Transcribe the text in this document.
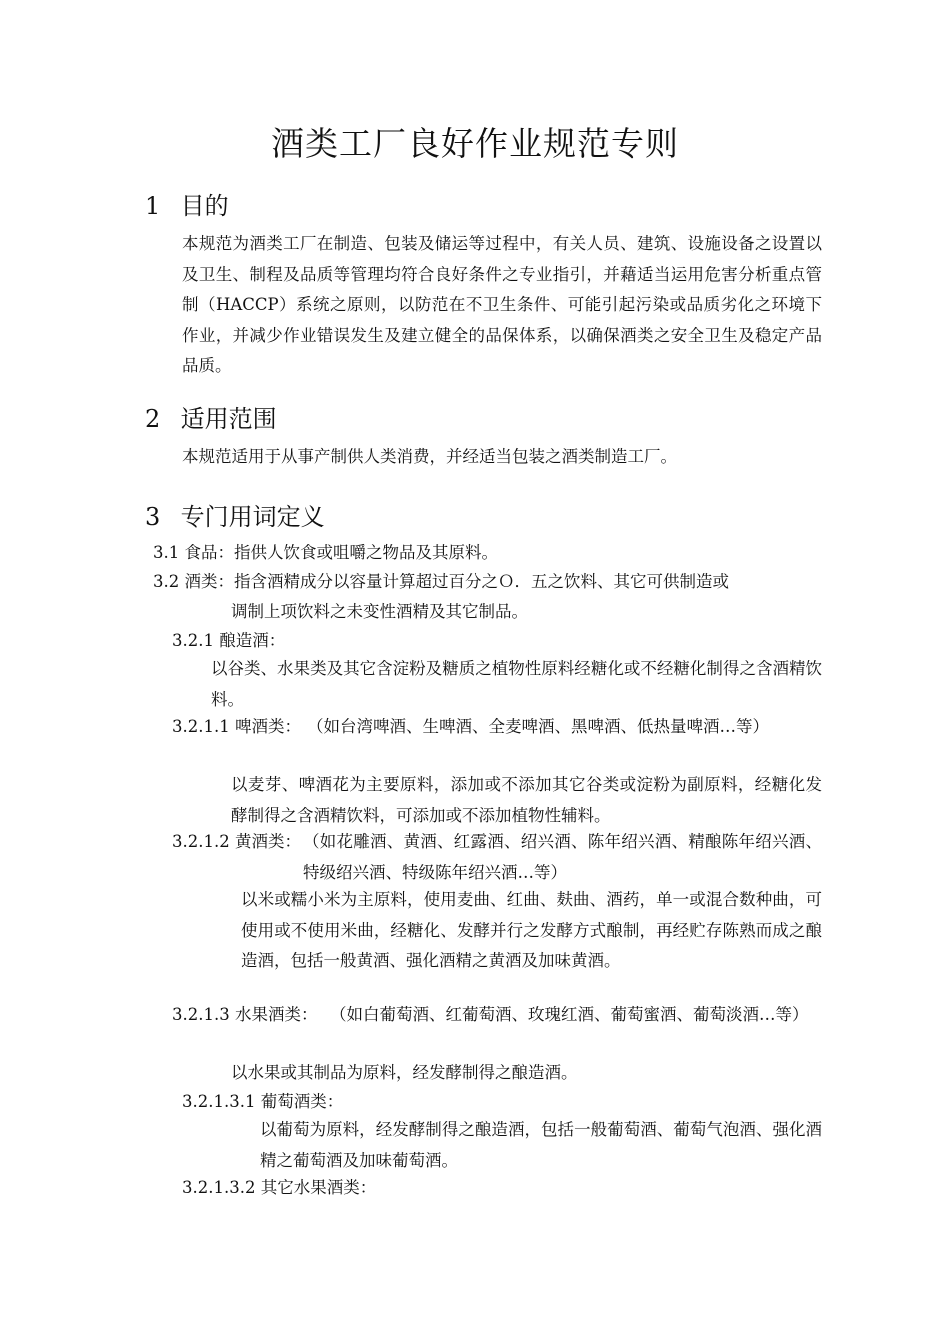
酒类工厂良好作业规范专则
1 目的
本规范为酒类工厂在制造、包装及储运等过程中，有关人员、建筑、设施设备之设置以及卫生、制程及品质等管理均符合良好条件之专业指引，并藉适当运用危害分析重点管制（HACCP）系统之原则，以防范在不卫生条件、可能引起污染或品质劣化之环境下作业，并减少作业错误发生及建立健全的品保体系，以确保酒类之安全卫生及稳定产品品质。
2 适用范围
本规范适用于从事产制供人类消费，并经适当包装之酒类制造工厂。
3 专门用词定义
3.1 食品：指供人饮食或咀嚼之物品及其原料。
3.2 酒类：指含酒精成分以容量计算超过百分之Ｏ．五之饮料、其它可供制造或
调制上项饮料之未变性酒精及其它制品。
3.2.1 酿造酒：
以谷类、水果类及其它含淀粉及糖质之植物性原料经糖化或不经糖化制得之含酒精饮料。
3.2.1.1 啤酒类： （如台湾啤酒、生啤酒、全麦啤酒、黑啤酒、低热量啤酒…等）
以麦芽、啤酒花为主要原料，添加或不添加其它谷类或淀粉为副原料，经糖化发酵制得之含酒精饮料，可添加或不添加植物性辅料。
3.2.1.2 黄酒类： （如花雕酒、黄酒、红露酒、绍兴酒、陈年绍兴酒、精酿陈年绍兴酒、特级绍兴酒、特级陈年绍兴酒…等）
以米或糯小米为主原料，使用麦曲、红曲、麸曲、酒药，单一或混合数种曲，可使用或不使用米曲，经糖化、发酵并行之发酵方式酿制，再经贮存陈熟而成之酿造酒，包括一般黄酒、强化酒精之黄酒及加味黄酒。
3.2.1.3 水果酒类： （如白葡萄酒、红葡萄酒、玫瑰红酒、葡萄蜜酒、葡萄淡酒…等）
以水果或其制品为原料，经发酵制得之酿造酒。
3.2.1.3.1 葡萄酒类：
以葡萄为原料，经发酵制得之酿造酒，包括一般葡萄酒、葡萄气泡酒、强化酒精之葡萄酒及加味葡萄酒。
3.2.1.3.2 其它水果酒类：
